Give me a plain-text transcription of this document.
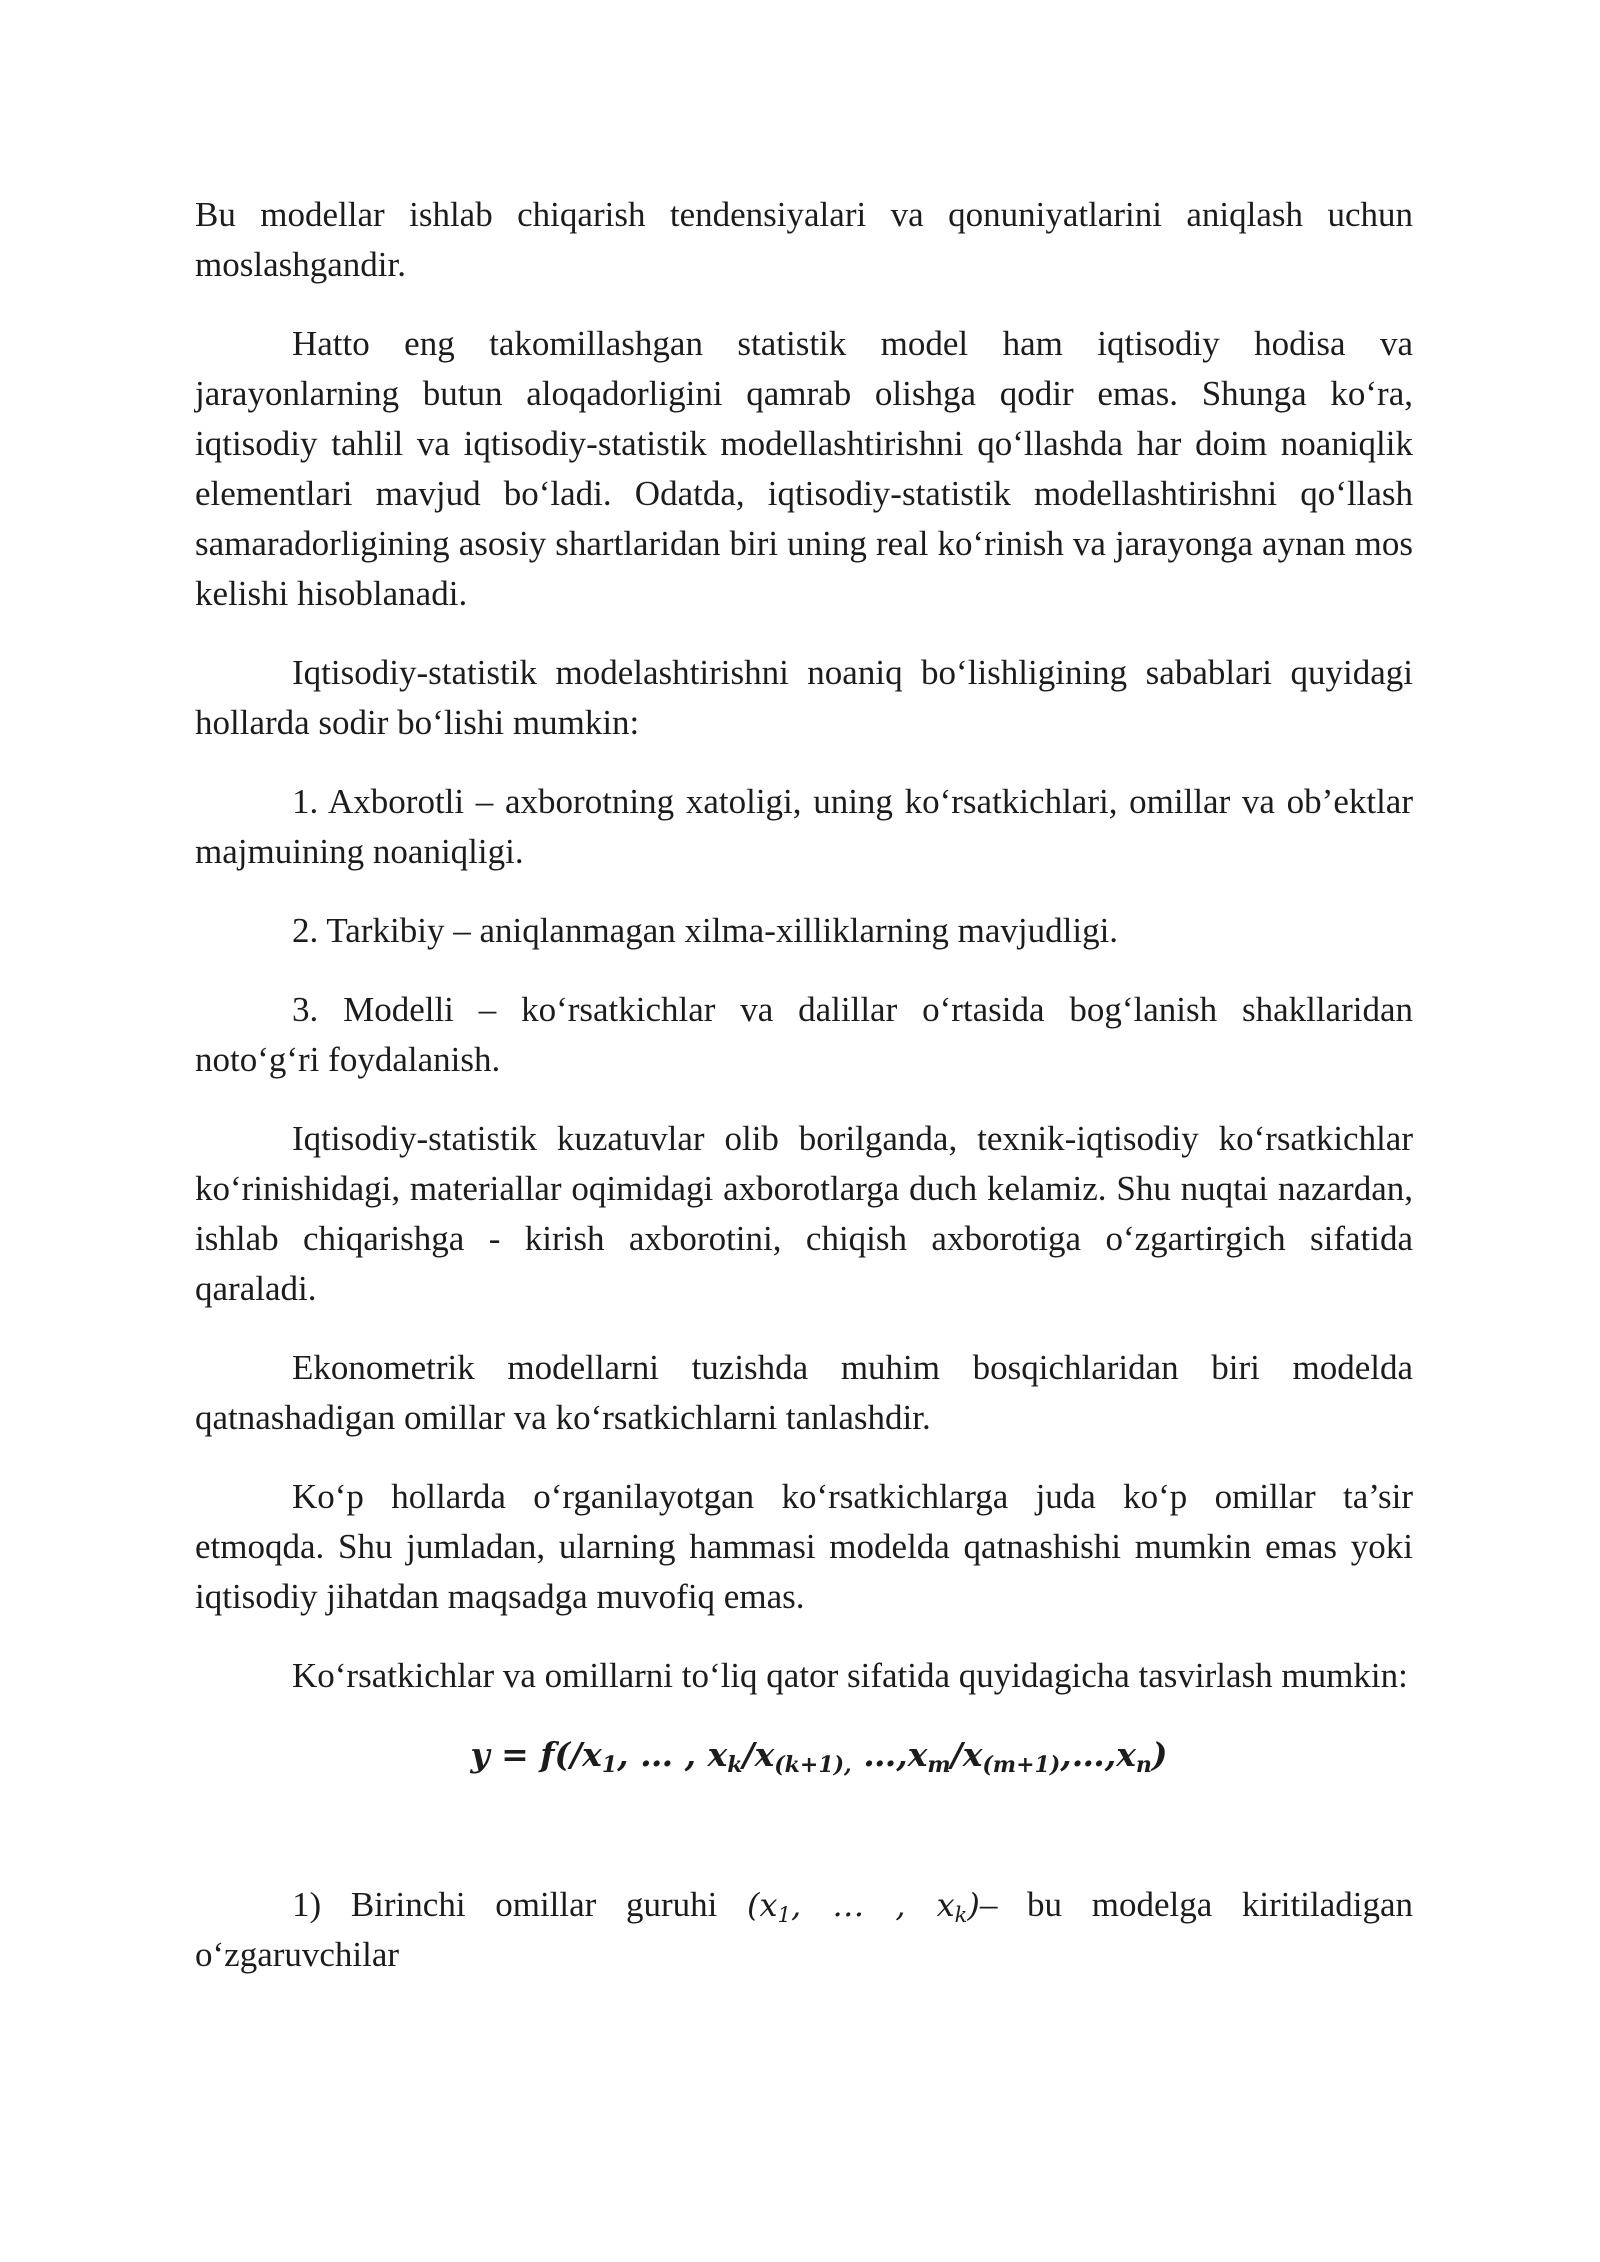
Bu modellar ishlab chiqarish tendensiyalari va qonuniyatlarini aniqlash uchun moslashgandir.

Hatto eng takomillashgan statistik model ham iqtisodiy hodisa va jarayonlarning butun aloqadorligini qamrab olishga qodir emas. Shunga ko‘ra, iqtisodiy tahlil va iqtisodiy-statistik modellashtirishni qo‘llashda har doim noaniqlik elementlari mavjud bo‘ladi. Odatda, iqtisodiy-statistik modellashtirishni qo‘llash samaradorligining asosiy shartlaridan biri uning real ko‘rinish va jarayonga aynan mos kelishi hisoblanadi.

Iqtisodiy-statistik modelashtirishni noaniq bo‘lishligining sabablari quyidagi hollarda sodir bo‘lishi mumkin:

1. Axborotli – axborotning xatoligi, uning ko‘rsatkichlari, omillar va ob’ektlar majmuining noaniqligi.

2. Tarkibiy – aniqlanmagan xilma-xilliklarning mavjudligi.

3. Modelli – ko‘rsatkichlar va dalillar o‘rtasida bog‘lanish shakllaridan noto‘g‘ri foydalanish.

Iqtisodiy-statistik kuzatuvlar olib borilganda, texnik-iqtisodiy ko‘rsatkichlar ko‘rinishidagi, materiallar oqimidagi axborotlarga duch kelamiz. Shu nuqtai nazardan, ishlab chiqarishga - kirish axborotini, chiqish axborotiga o‘zgartirgich sifatida qaraladi.

Ekonometrik modellarni tuzishda muhim bosqichlaridan biri modelda qatnashadigan omillar va ko‘rsatkichlarni tanlashdir.

Ko‘p hollarda o‘rganilayotgan ko‘rsatkichlarga juda ko‘p omillar ta’sir etmoqda. Shu jumladan, ularning hammasi modelda qatnashishi mumkin emas yoki iqtisodiy jihatdan maqsadga muvofiq emas.

Ko‘rsatkichlar va omillarni to‘liq qator sifatida quyidagicha tasvirlash mumkin:

$y = f(/x_1$, … , $x_k/x_{(k+1),}$ $\dots,x_m/x_{(m+1)},\dots,x_n$)

1) Birinchi omillar guruhi ($x_1$, … , $x_k)-$ bu modelga kiritiladigan o‘zgaruvchilar
